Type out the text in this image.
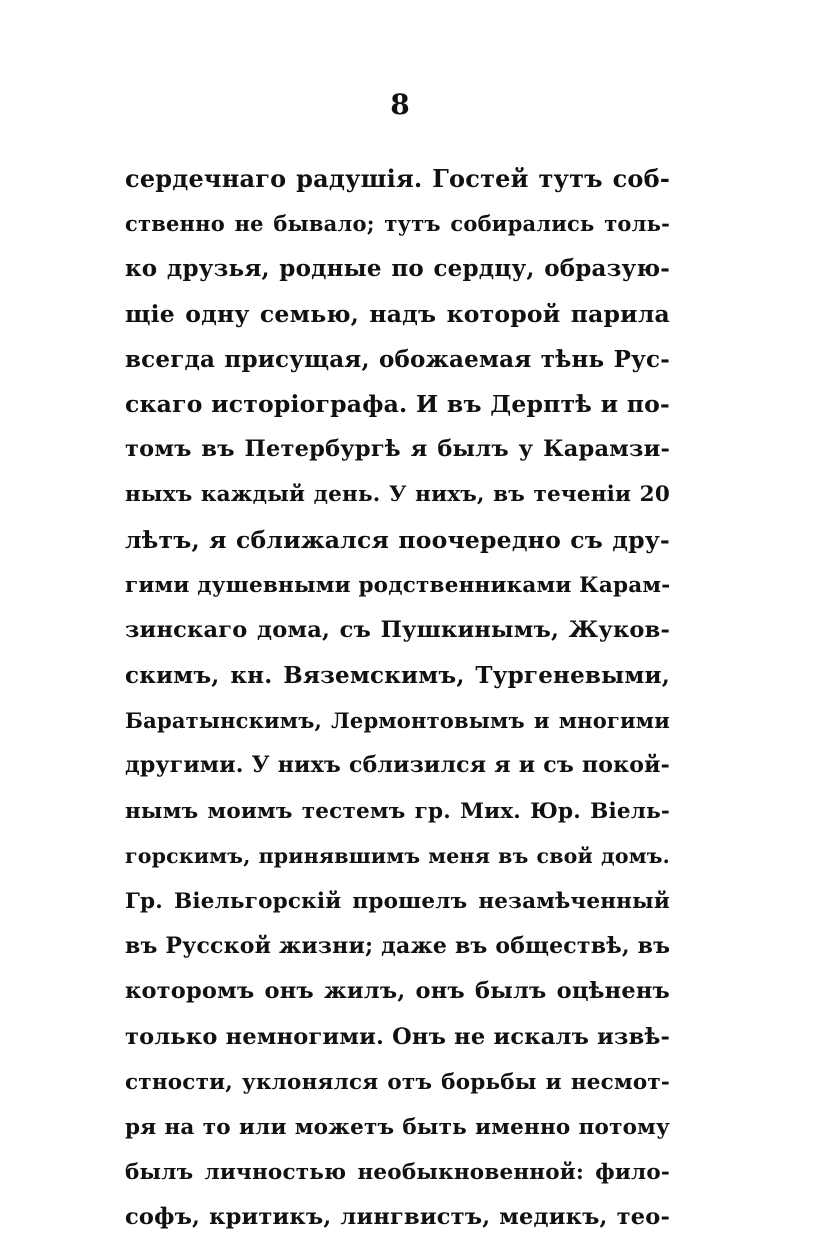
8
сердечнаго радушія. Гостей тутъ соб-
ственно не бывало; тутъ собирались толь-
ко друзья, родные по сердцу, образую-
щіе одну семью, надъ которой парила
всегда присущая, обожаемая тѣнь Рус-
скаго исторіографа. И въ Дерптѣ и по-
томъ въ Петербургѣ я былъ у Карамзи-
ныхъ каждый день. У нихъ, въ теченіи 20
лѣтъ, я сближался поочередно съ дру-
гими душевными родственниками Карам-
зинскаго дома, съ Пушкинымъ, Жуков-
скимъ, кн. Вяземскимъ, Тургеневыми,
Баратынскимъ, Лермонтовымъ и многими
другими. У нихъ сблизился я и съ покой-
нымъ моимъ тестемъ гр. Мих. Юр. Віель-
горскимъ, принявшимъ меня въ свой домъ.
Гр. Віельгорскій прошелъ незамѣченный
въ Русской жизни; даже въ обществѣ, въ
которомъ онъ жилъ, онъ былъ оцѣненъ
только немногими. Онъ не искалъ извѣ-
стности, уклонялся отъ борьбы и несмот-
ря на то или можетъ быть именно потому
былъ личностью необыкновенной: фило-
софъ, критикъ, лингвистъ, медикъ, тео-
